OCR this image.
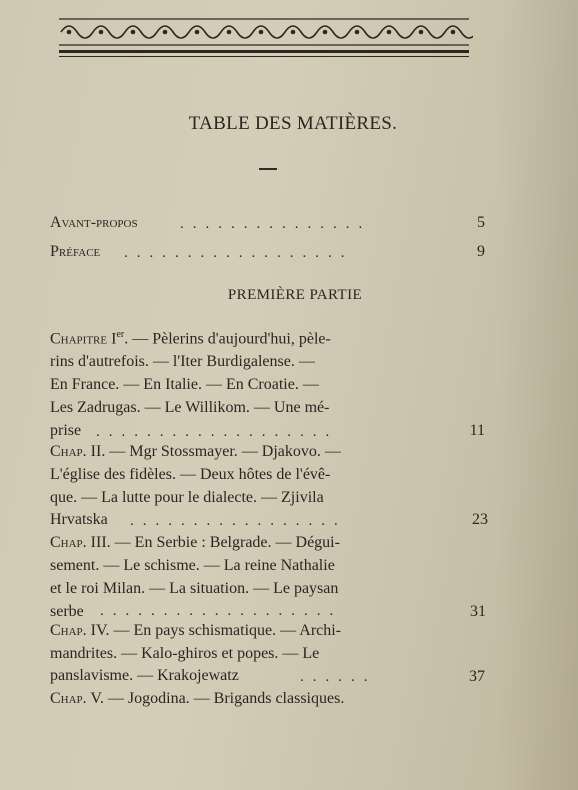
TABLE DES MATIÈRES.
Avant-propos	...............	5
Préface ..................	9
PREMIÈRE PARTIE
Chapitre Ier. — Pèlerins d'aujourd'hui, pèle-
rins d'autrefois. — l'Iter Burdigalense. —
En France. — En Italie. — En Croatie. —
Les Zadrugas. — Le Willikom. — Une mé-
prise ...................	11
Chap. II. — Mgr Stossmayer. — Djakovo. —
L'église des fidèles. — Deux hôtes de l'évê-
que. — La lutte pour le dialecte. — Zjivila
Hrvatska .................	23
Chap. III. — En Serbie : Belgrade. — Dégui-
sement. — Le schisme. — La reine Nathalie
et le roi Milan. — La situation. — Le paysan
serbe ...................	31
Chap. IV. — En pays schismatique. — Archi-
mandrites. — Kalo-ghiros et popes. — Le
panslavisme. — Krakojewatz	......	37
Chap. V. — Jogodina. — Brigands classiques.
